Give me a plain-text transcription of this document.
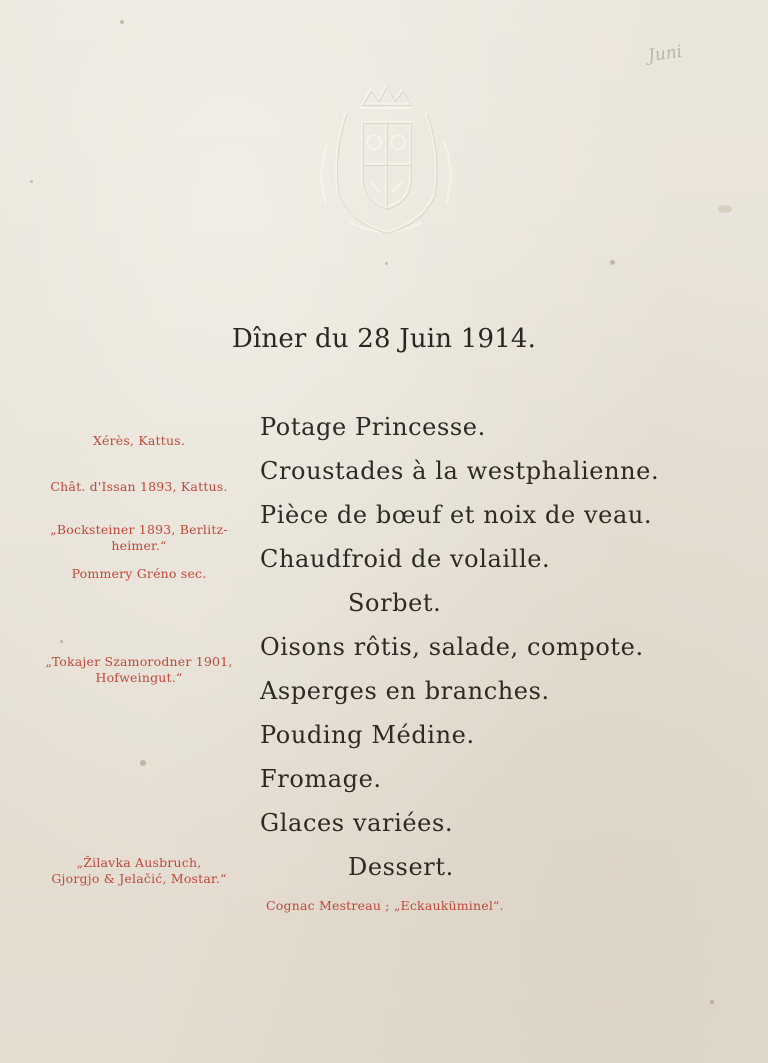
Juni
Dîner du 28 Juin 1914.
Potage Princesse.
Croustades à la westphalienne.
Pièce de bœuf et noix de veau.
Chaudfroid de volaille.
Sorbet.
Oisons rôtis, salade, compote.
Asperges en branches.
Pouding Médine.
Fromage.
Glaces variées.
Dessert.
Xérès, Kattus.
Chât. d'Issan 1893, Kattus.
„Bocksteiner 1893, Berlitz-
heimer.“
Pommery Gréno sec.
„Tokajer Szamorodner 1901,
Hofweingut.“
„Žilavka Ausbruch,
Gjorgjo & Jelačić, Mostar.“
Cognac Mestreau ; „Eckauküminel“.
